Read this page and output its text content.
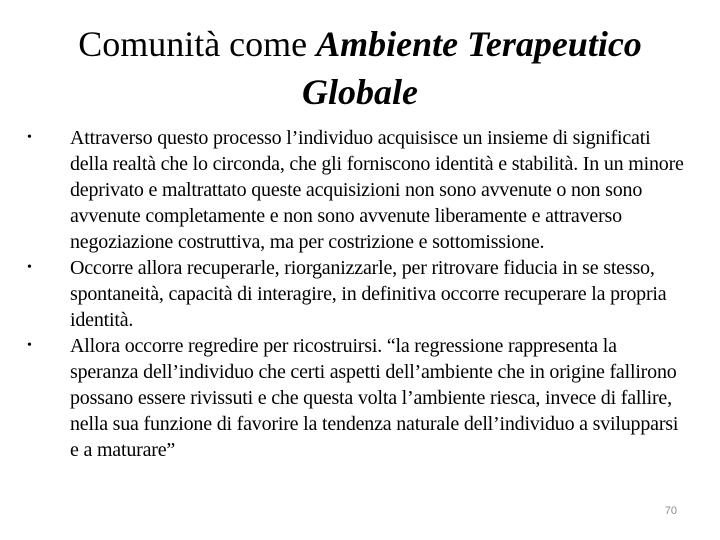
Comunità come Ambiente Terapeutico
Globale
• Attraverso questo processo l’individuo acquisisce un insieme di significati della realtà che lo circonda, che gli forniscono identità e stabilità. In un minore deprivato e maltrattato queste acquisizioni non sono avvenute o non sono avvenute completamente e non sono avvenute liberamente e attraverso negoziazione costruttiva, ma per costrizione e sottomissione.
• Occorre allora recuperarle, riorganizzarle, per ritrovare fiducia in se stesso, spontaneità, capacità di interagire, in definitiva occorre recuperare la propria identità.
• Allora occorre regredire per ricostruirsi. “la regressione rappresenta la speranza dell’individuo che certi aspetti dell’ambiente che in origine fallirono possano essere rivissuti e che questa volta l’ambiente riesca, invece di fallire, nella sua funzione di favorire la tendenza naturale dell’individuo a svilupparsi e a maturare”
70
